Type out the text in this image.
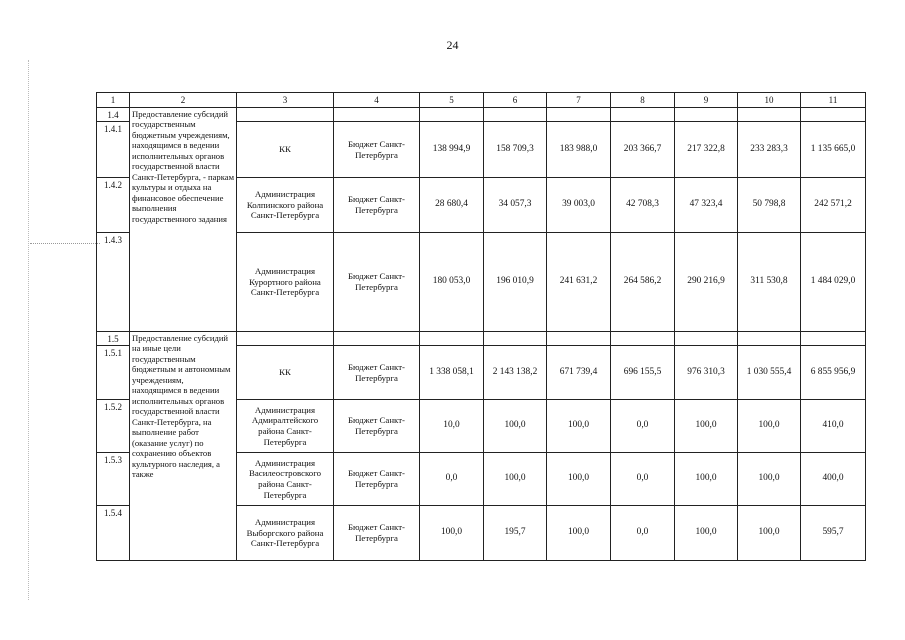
24
1	2	3	4	5	6	7	8	9	10	11
1.4	Предоставление субсидий государственным бюджетным учреждениям, находящимся в ведении исполнительных органов государственной власти Санкт-Петербурга, - паркам культуры и отдыха на финансовое обеспечение выполнения государственного задания									
1.4.1		КК	Бюджет Санкт-Петербурга	138 994,9	158 709,3	183 988,0	203 366,7	217 322,8	233 283,3	1 135 665,0
1.4.2		Администрация Колпинского района Санкт-Петербурга	Бюджет Санкт-Петербурга	28 680,4	34 057,3	39 003,0	42 708,3	47 323,4	50 798,8	242 571,2
1.4.3		Администрация Курортного района Санкт-Петербурга	Бюджет Санкт-Петербурга	180 053,0	196 010,9	241 631,2	264 586,2	290 216,9	311 530,8	1 484 029,0
1.5	Предоставление субсидий на иные цели государственным бюджетным и автономным учреждениям, находящимся в ведении исполнительных органов государственной власти Санкт-Петербурга, на выполнение работ (оказание услуг) по сохранению объектов культурного наследия, а также									
1.5.1		КК	Бюджет Санкт-Петербурга	1 338 058,1	2 143 138,2	671 739,4	696 155,5	976 310,3	1 030 555,4	6 855 956,9
1.5.2		Администрация Адмиралтейского района Санкт-Петербурга	Бюджет Санкт-Петербурга	10,0	100,0	100,0	0,0	100,0	100,0	410,0
1.5.3		Администрация Василеостровского района Санкт-Петербурга	Бюджет Санкт-Петербурга	0,0	100,0	100,0	0,0	100,0	100,0	400,0
1.5.4		Администрация Выборгского района Санкт-Петербурга	Бюджет Санкт-Петербурга	100,0	195,7	100,0	0,0	100,0	100,0	595,7
